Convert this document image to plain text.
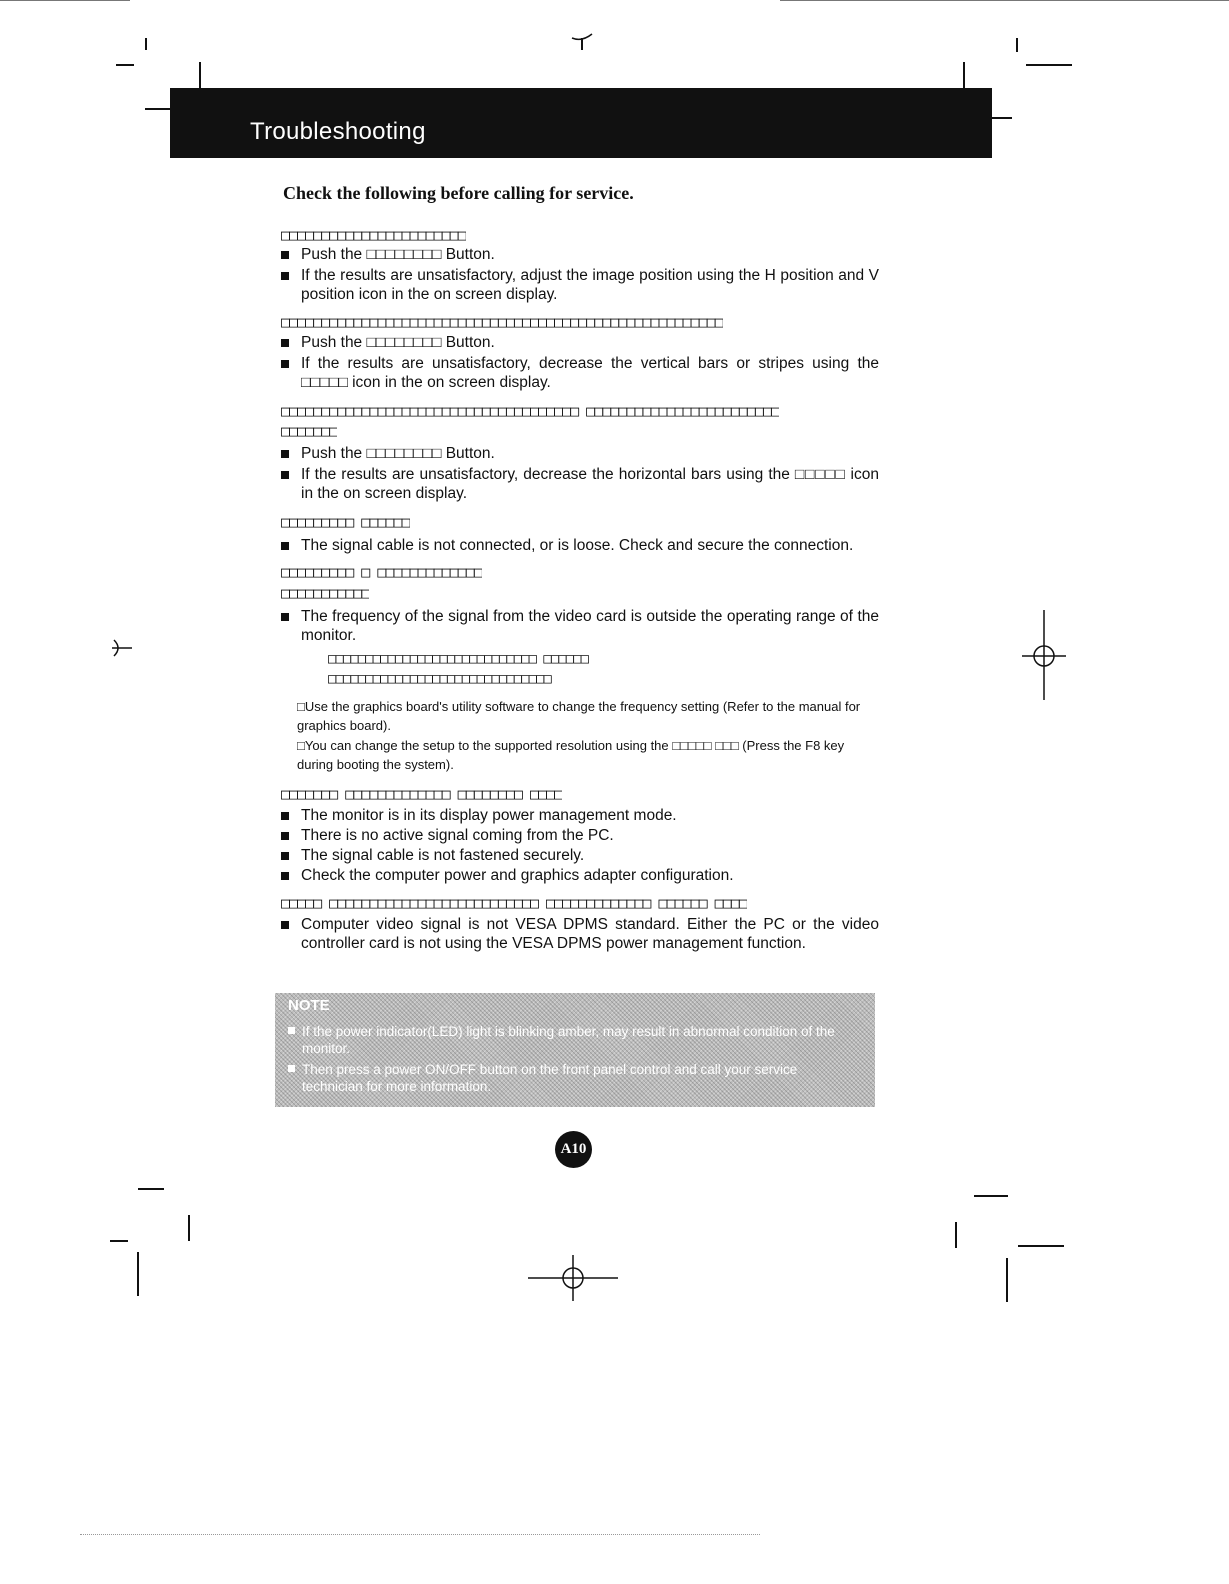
Troubleshooting
Check the following before calling for service.
□□□□□□□□□□□□□□□□□□□□□□□
Push the □□□□□□□□ Button.
If the results are unsatisfactory, adjust the image position using the H position and V position icon in the on screen display.
□□□□□□□□□□□□□□□□□□□□□□□□□□□□□□□□□□□□□□□□□□□□□□□□□□□□□□□
Push the □□□□□□□□ Button.
If the results are unsatisfactory, decrease the vertical bars or stripes using the □□□□□ icon in the on screen display.
□□□□□□□□□□□□□□□□□□□□□□□□□□□□□□□□□□□□□ □□□□□□□□□□□□□□□□□□□□□□□□
□□□□□□□
Push the □□□□□□□□ Button.
If the results are unsatisfactory, decrease the horizontal bars using the □□□□□ icon in the on screen display.
□□□□□□□□□ □□□□□□
The signal cable is not connected, or is loose. Check and secure the connection.
□□□□□□□□□ □ □□□□□□□□□□□□□
□□□□□□□□□□□
The frequency of the signal from the video card is outside the operating range of the monitor.
□□□□□□□□□□□□□□□□□□□□□□□□□□□□ □□□□□□
□□□□□□□□□□□□□□□□□□□□□□□□□□□□□□
□Use the graphics board's utility software to change the frequency setting (Refer to the manual for graphics board).
□You can change the setup to the supported resolution using the □□□□□ □□□ (Press the F8 key during booting the system).
□□□□□□□ □□□□□□□□□□□□□ □□□□□□□□ □□□□
The monitor is in its display power management mode.
There is no active signal coming from the PC.
The signal cable is not fastened securely.
Check the computer power and graphics adapter configuration.
□□□□□ □□□□□□□□□□□□□□□□□□□□□□□□□□ □□□□□□□□□□□□□ □□□□□□ □□□□
Computer video signal is not VESA DPMS standard. Either the PC or the video controller card is not using the VESA DPMS power management function.
NOTE
If the power indicator(LED) light is blinking amber, may result in abnormal condition of the monitor.
Then press a power ON/OFF button on the front panel control and call your service technician for more information.
A10
